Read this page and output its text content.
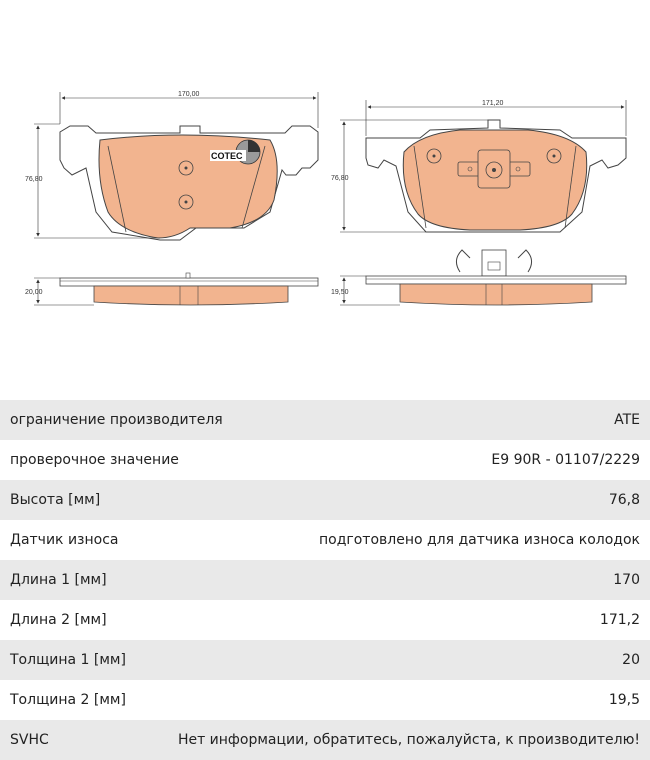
COTEC
170,00
76,80
20,00
171,20
76,80
19,50
ограничение производителя	ATE
проверочное значение	E9 90R - 01107/2229
Высота [мм]	76,8
Датчик износа	подготовлено для датчика износа колодок
Длина 1 [мм]	170
Длина 2 [мм]	171,2
Толщина 1 [мм]	20
Толщина 2 [мм]	19,5
SVHC	Нет информации, обратитесь, пожалуйста, к производителю!
